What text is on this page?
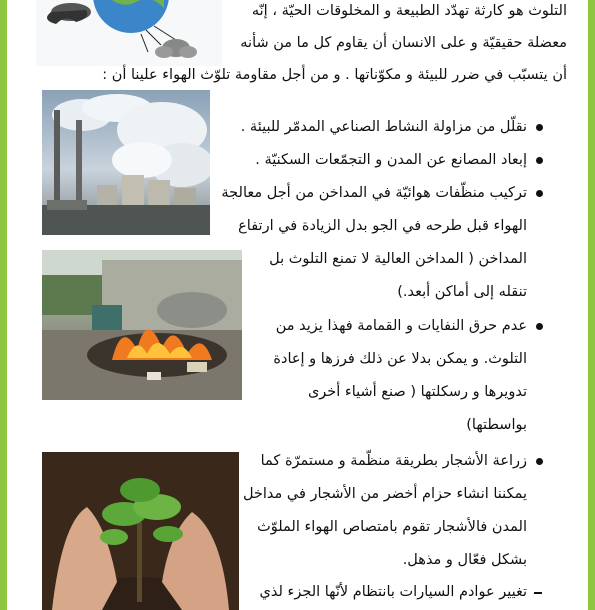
التلوث هو كارثة تهدّد الطبيعة و المخلوقات الحيّة ، إنّه
معضلة حقيقيّة و على الانسان أن يقاوم كل ما من شأنه
أن يتسبّب في ضرر للبيئة و مكوّناتها . و من أجل مقاومة تلوّث الهواء علينا أن :
نقلّل من مزاولة النشاط الصناعي المدمّر للبيئة .
إبعاد المصانع عن المدن و التجمّعات السكنيّة .
تركيب منظّفات هوائيّة في المداخن من أجل معالجة
الهواء قبل طرحه في الجو بدل الزيادة في ارتفاع
المداخن ( المداخن العالية لا تمنع التلوث بل
تنقله إلى أماكن أبعد.)
عدم حرق النفايات و القمامة فهذا يزيد من
التلوث. و يمكن بدلا عن ذلك فرزها و إعادة
تدويرها و رسكلتها ( صنع أشياء أخرى
بواسطتها)
زراعة الأشجار بطريقة منظّمة و مستمرّة كما
يمكننا انشاء حزام أخضر من الأشجار في مداخل
المدن فالأشجار تقوم بامتصاص الهواء الملوّث
بشكل فعّال و مذهل.
تغيير عوادم السيارات بانتظام لأنّها الجزء لذي
